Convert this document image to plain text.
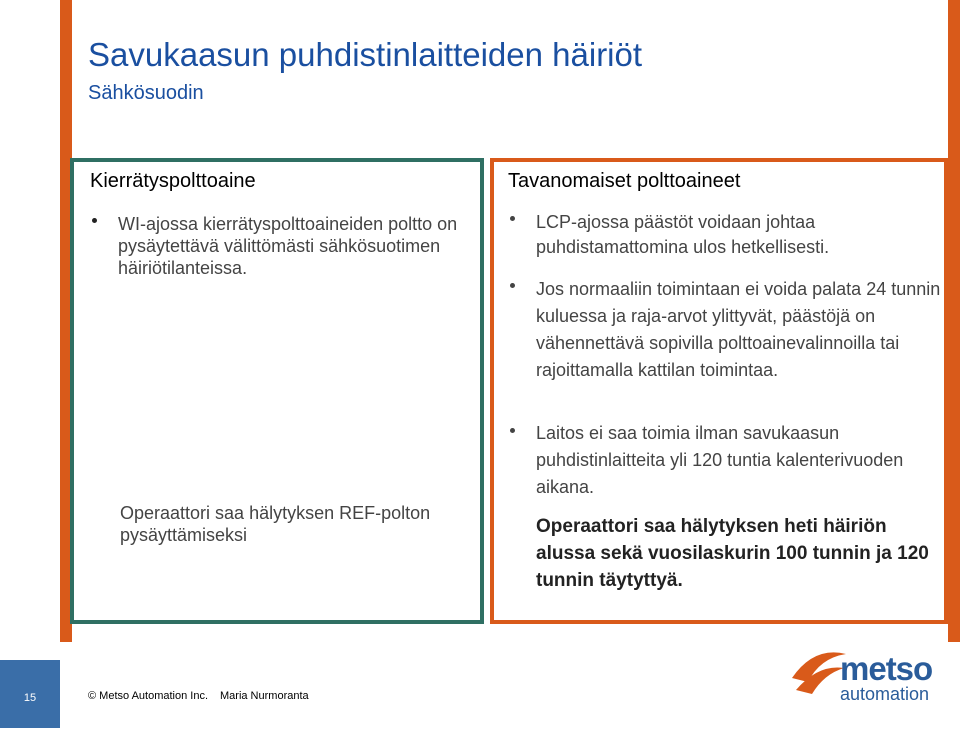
Savukaasun puhdistinlaitteiden häiriöt
Sähkösuodin
Kierrätyspolttoaine
WI-ajossa kierrätyspolttoaineiden poltto on pysäytettävä välittömästi sähkösuotimen häiriötilanteissa.
Operaattori saa hälytyksen REF-polton pysäyttämiseksi
Tavanomaiset polttoaineet
LCP-ajossa päästöt voidaan johtaa puhdistamattomina ulos hetkellisesti.
Jos normaaliin toimintaan ei voida palata 24 tunnin kuluessa ja raja-arvot ylittyvät, päästöjä on vähennettävä sopivilla polttoainevalinnoilla tai rajoittamalla kattilan toimintaa.
Laitos ei saa toimia ilman savukaasun puhdistinlaitteita yli 120 tuntia kalenterivuoden aikana.
Operaattori saa hälytyksen heti häiriön alussa sekä vuosilaskurin 100 tunnin ja 120 tunnin täytyttyä.
15	© Metso Automation Inc. Maria Nurmoranta
metso
automation
